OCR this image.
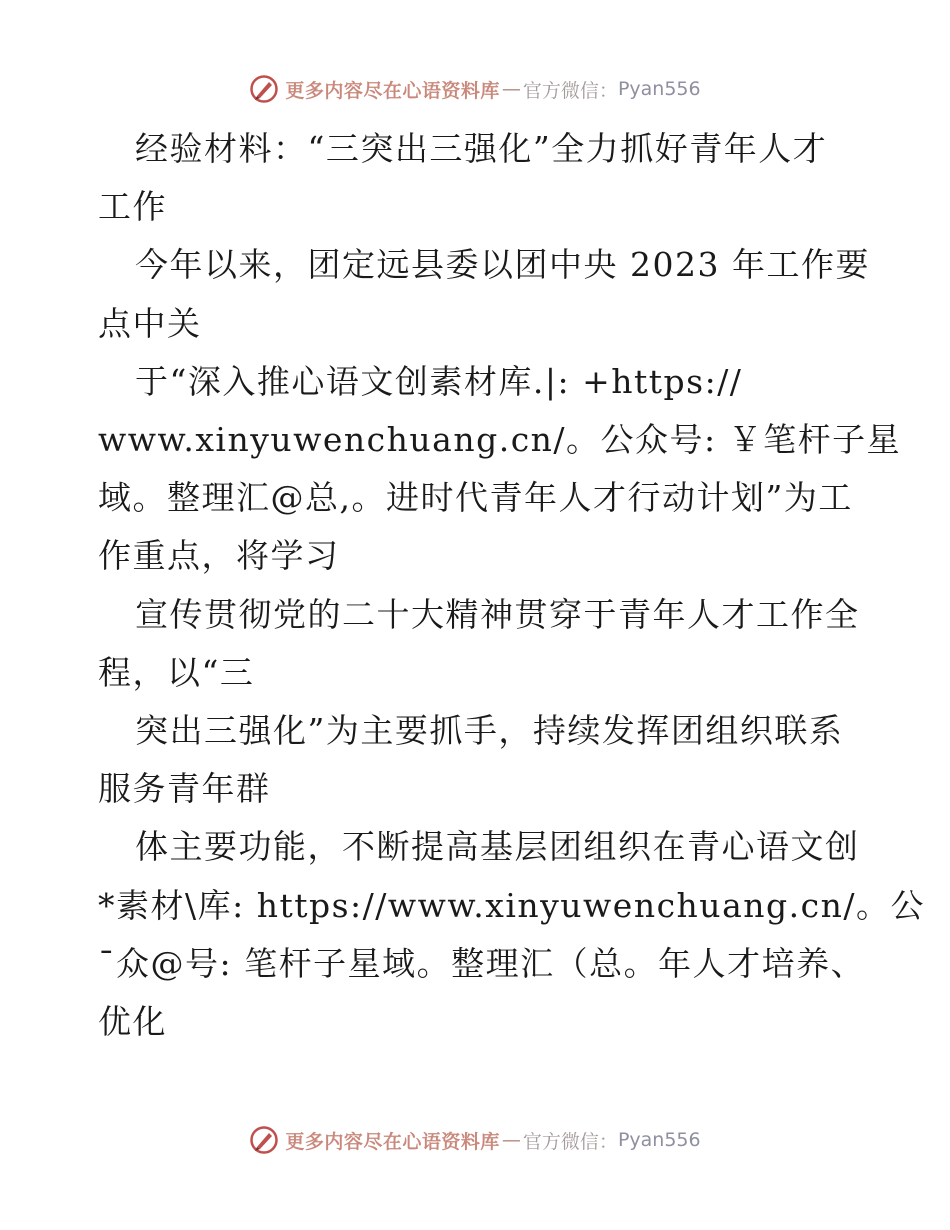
更多内容尽在心语资料库 — 官方微信： Pyan556

经验材料：“三突出三强化”全力抓好青年人才
工作

今年以来，团定远县委以团中央 2023 年工作要
点中关

于“深入推心语文创素材库.|: +https://
www.xinyuwenchuang.cn/。公众号: ￥笔杆子星
域。整理汇@总,。进时代青年人才行动计划”为工
作重点，将学习

宣传贯彻党的二十大精神贯穿于青年人才工作全
程，以“三

突出三强化”为主要抓手，持续发挥团组织联系
服务青年群

体主要功能，不断提高基层团组织在青心语文创
*素材\库: https://www.xinyuwenchuang.cn/。公
¯众@号: 笔杆子星域。整理汇（总。年人才培养、
优化

更多内容尽在心语资料库 — 官方微信： Pyan556
